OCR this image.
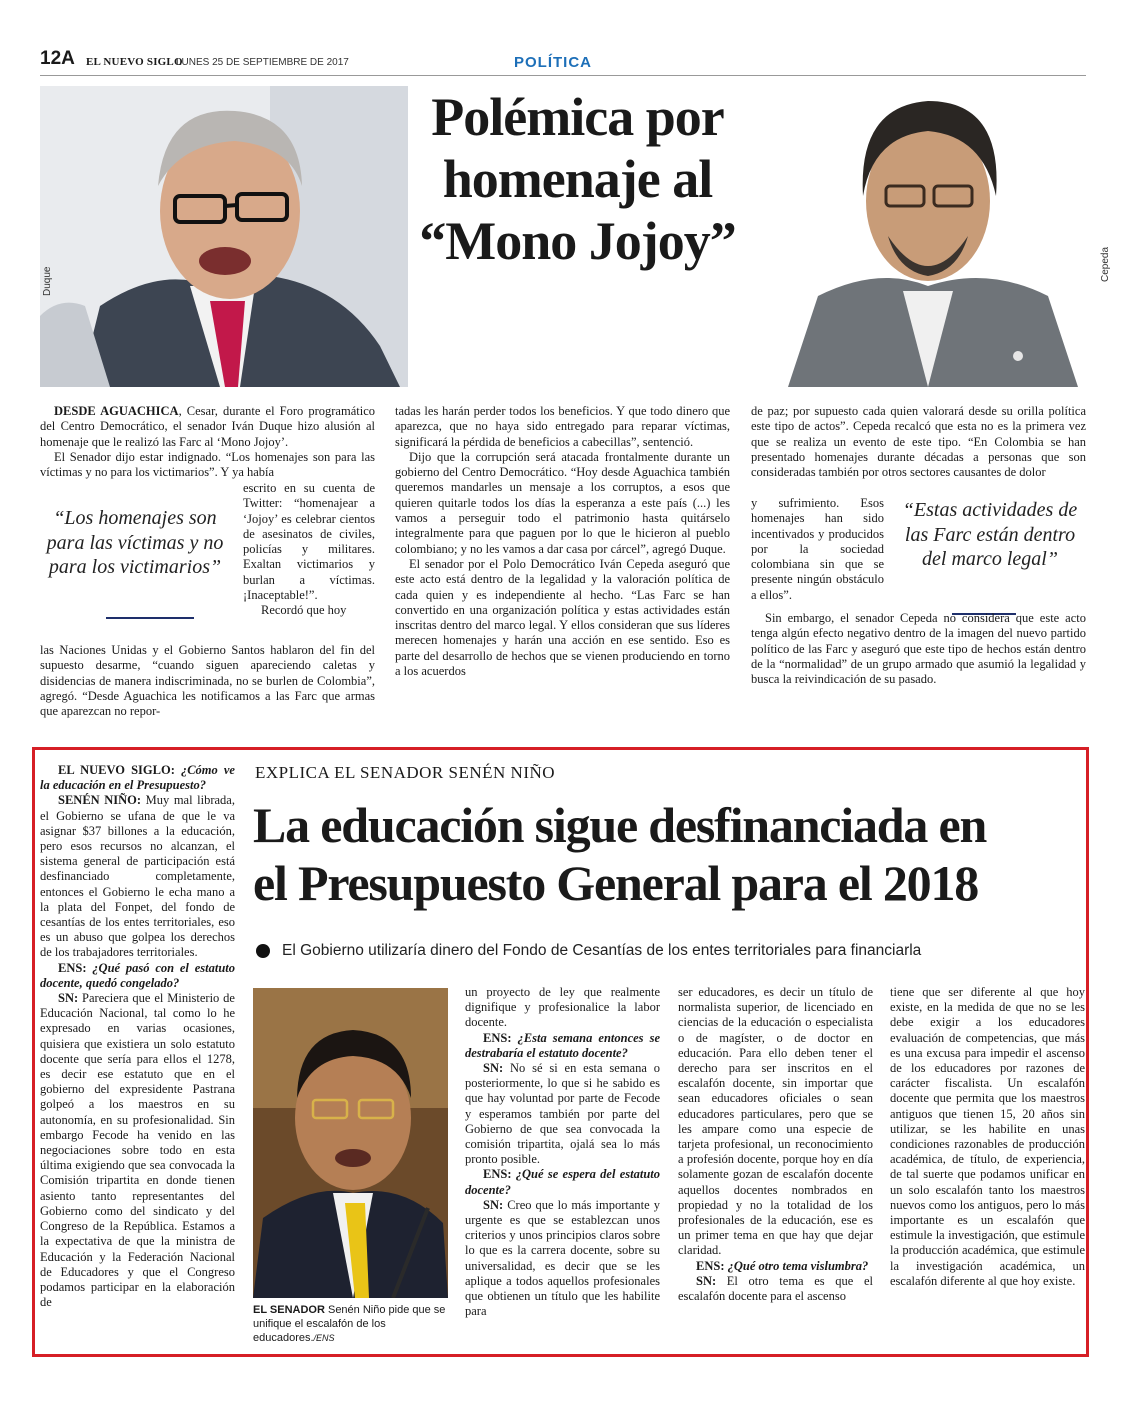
12A EL NUEVO SIGLO
LUNES 25 DE SEPTIEMBRE DE 2017	POLÍTICA
Duque
Polémica por
homenaje al
“Mono Jojoy”	Cepeda

DESDE AGUACHICA, Cesar, durante el Foro programático del Centro Democrático, el senador Iván Duque hizo alusión al homenaje que le realizó las Farc al ‘Mono Jojoy’.

El Senador dijo estar indignado. “Los homenajes son para las víctimas y no para los victimarios”. Y ya había

escrito en su cuenta de Twitter: “homenajear a ‘Jojoy’ es celebrar cientos de asesinatos de civiles, policías y militares. Exaltan victimarios y burlan a víctimas. ¡Inaceptable!”.

Recordó que hoy

“Los homenajes son para las víctimas y no para los victimarios”

las Naciones Unidas y el Gobierno Santos hablaron del fin del supuesto desarme, “cuando siguen apareciendo caletas y disidencias de manera indiscriminada, no se burlen de Colombia”, agregó. “Desde Aguachica les notificamos a las Farc que armas que aparezcan no repor-

tadas les harán perder todos los beneficios. Y que todo dinero que aparezca, que no haya sido entregado para reparar víctimas, significará la pérdida de beneficios a cabecillas”, sentenció.

Dijo que la corrupción será atacada frontalmente durante un gobierno del Centro Democrático. “Hoy desde Aguachica también queremos mandarles un mensaje a los corruptos, a esos que quieren quitarle todos los días la esperanza a este país (...) les vamos a perseguir todo el patrimonio hasta quitárselo integralmente para que paguen por lo que le hicieron al pueblo colombiano; y no les vamos a dar casa por cárcel”, agregó Duque.

El senador por el Polo Democrático Iván Cepeda aseguró que este acto está dentro de la legalidad y la valoración política de cada quien y es independiente al hecho. “Las Farc se han convertido en una organización política y estas actividades están inscritas dentro del marco legal. Y ellos consideran que sus líderes merecen homenajes y harán una acción en ese sentido. Eso es parte del desarrollo de hechos que se vienen produciendo en torno a los acuerdos

de paz; por supuesto cada quien valorará desde su orilla política este tipo de actos”. Cepeda recalcó que esta no es la primera vez que se realiza un evento de este tipo. “En Colombia se han presentado homenajes durante décadas a personas que son consideradas también por otros sectores causantes de dolor

y sufrimiento. Esos homenajes han sido incentivados y producidos por la sociedad colombiana sin que se presente ningún obstáculo a ellos”.

“Estas actividades de las Farc están dentro del marco legal”

Sin embargo, el senador Cepeda no considera que este acto tenga algún efecto negativo dentro de la imagen del nuevo partido político de las Farc y aseguró que este tipo de hechos están dentro de la “normalidad” de un grupo armado que asumió la legalidad y busca la reivindicación de su pasado.

EXPLICA EL SENADOR SENÉN NIÑO
La educación sigue desfinanciada en
el Presupuesto General para el 2018
El Gobierno utilizaría dinero del Fondo de Cesantías de los entes territoriales para financiarla

EL NUEVO SIGLO: ¿Cómo ve la educación en el Presupuesto?

SENÉN NIÑO: Muy mal librada, el Gobierno se ufana de que le va asignar $37 billones a la educación, pero esos recursos no alcanzan, el sistema general de participación está desfinanciado completamente, entonces el Gobierno le echa mano a la plata del Fonpet, del fondo de cesantías de los entes territoriales, eso es un abuso que golpea los derechos de los trabajadores territoriales.

ENS: ¿Qué pasó con el estatuto docente, quedó congelado?

SN: Pareciera que el Ministerio de Educación Nacional, tal como lo he expresado en varias ocasiones, quisiera que existiera un solo estatuto docente que sería para ellos el 1278, es decir ese estatuto que en el gobierno del expresidente Pastrana golpeó a los maestros en su autonomía, en su profesionalidad. Sin embargo Fecode ha venido en las negociaciones sobre todo en esta última exigiendo que sea convocada la Comisión tripartita en donde tienen asiento tanto representantes del Gobierno como del sindicato y del Congreso de la República. Estamos a la expectativa de que la ministra de Educación y la Federación Nacional de Educadores y que el Congreso podamos participar en la elaboración de

EL SENADOR Senén Niño pide que se unifique el escalafón de los educadores./ENS

un proyecto de ley que realmente dignifique y profesionalice la labor docente.

ENS: ¿Esta semana entonces se destrabaría el estatuto docente?

SN: No sé si en esta semana o posteriormente, lo que si he sabido es que hay voluntad por parte de Fecode y esperamos también por parte del Gobierno de que sea convocada la comisión tripartita, ojalá sea lo más pronto posible.

ENS: ¿Qué se espera del estatuto docente?

SN: Creo que lo más importante y urgente es que se establezcan unos criterios y unos principios claros sobre lo que es la carrera docente, sobre su universalidad, es decir que se les aplique a todos aquellos profesionales que obtienen un título que les habilite para

ser educadores, es decir un título de normalista superior, de licenciado en ciencias de la educación o especialista o de magíster, o de doctor en educación. Para ello deben tener el derecho para ser inscritos en el escalafón docente, sin importar que sean educadores oficiales o sean educadores particulares, pero que se les ampare como una especie de tarjeta profesional, un reconocimiento a profesión docente, porque hoy en día solamente gozan de escalafón docente aquellos docentes nombrados en propiedad y no la totalidad de los profesionales de la educación, ese es un primer tema en que hay que dejar claridad.

ENS: ¿Qué otro tema vislumbra?

SN: El otro tema es que el escalafón docente para el ascenso

tiene que ser diferente al que hoy existe, en la medida de que no se les debe exigir a los educadores evaluación de competencias, que más es una excusa para impedir el ascenso de los educadores por razones de carácter fiscalista. Un escalafón docente que permita que los maestros antiguos que tienen 15, 20 años sin utilizar, se les habilite en unas condiciones razonables de producción académica, de título, de experiencia, de tal suerte que podamos unificar en un solo escalafón tanto los maestros nuevos como los antiguos, pero lo más importante es un escalafón que estimule la investigación, que estimule la producción académica, que estimule la investigación académica, un escalafón diferente al que hoy existe.
